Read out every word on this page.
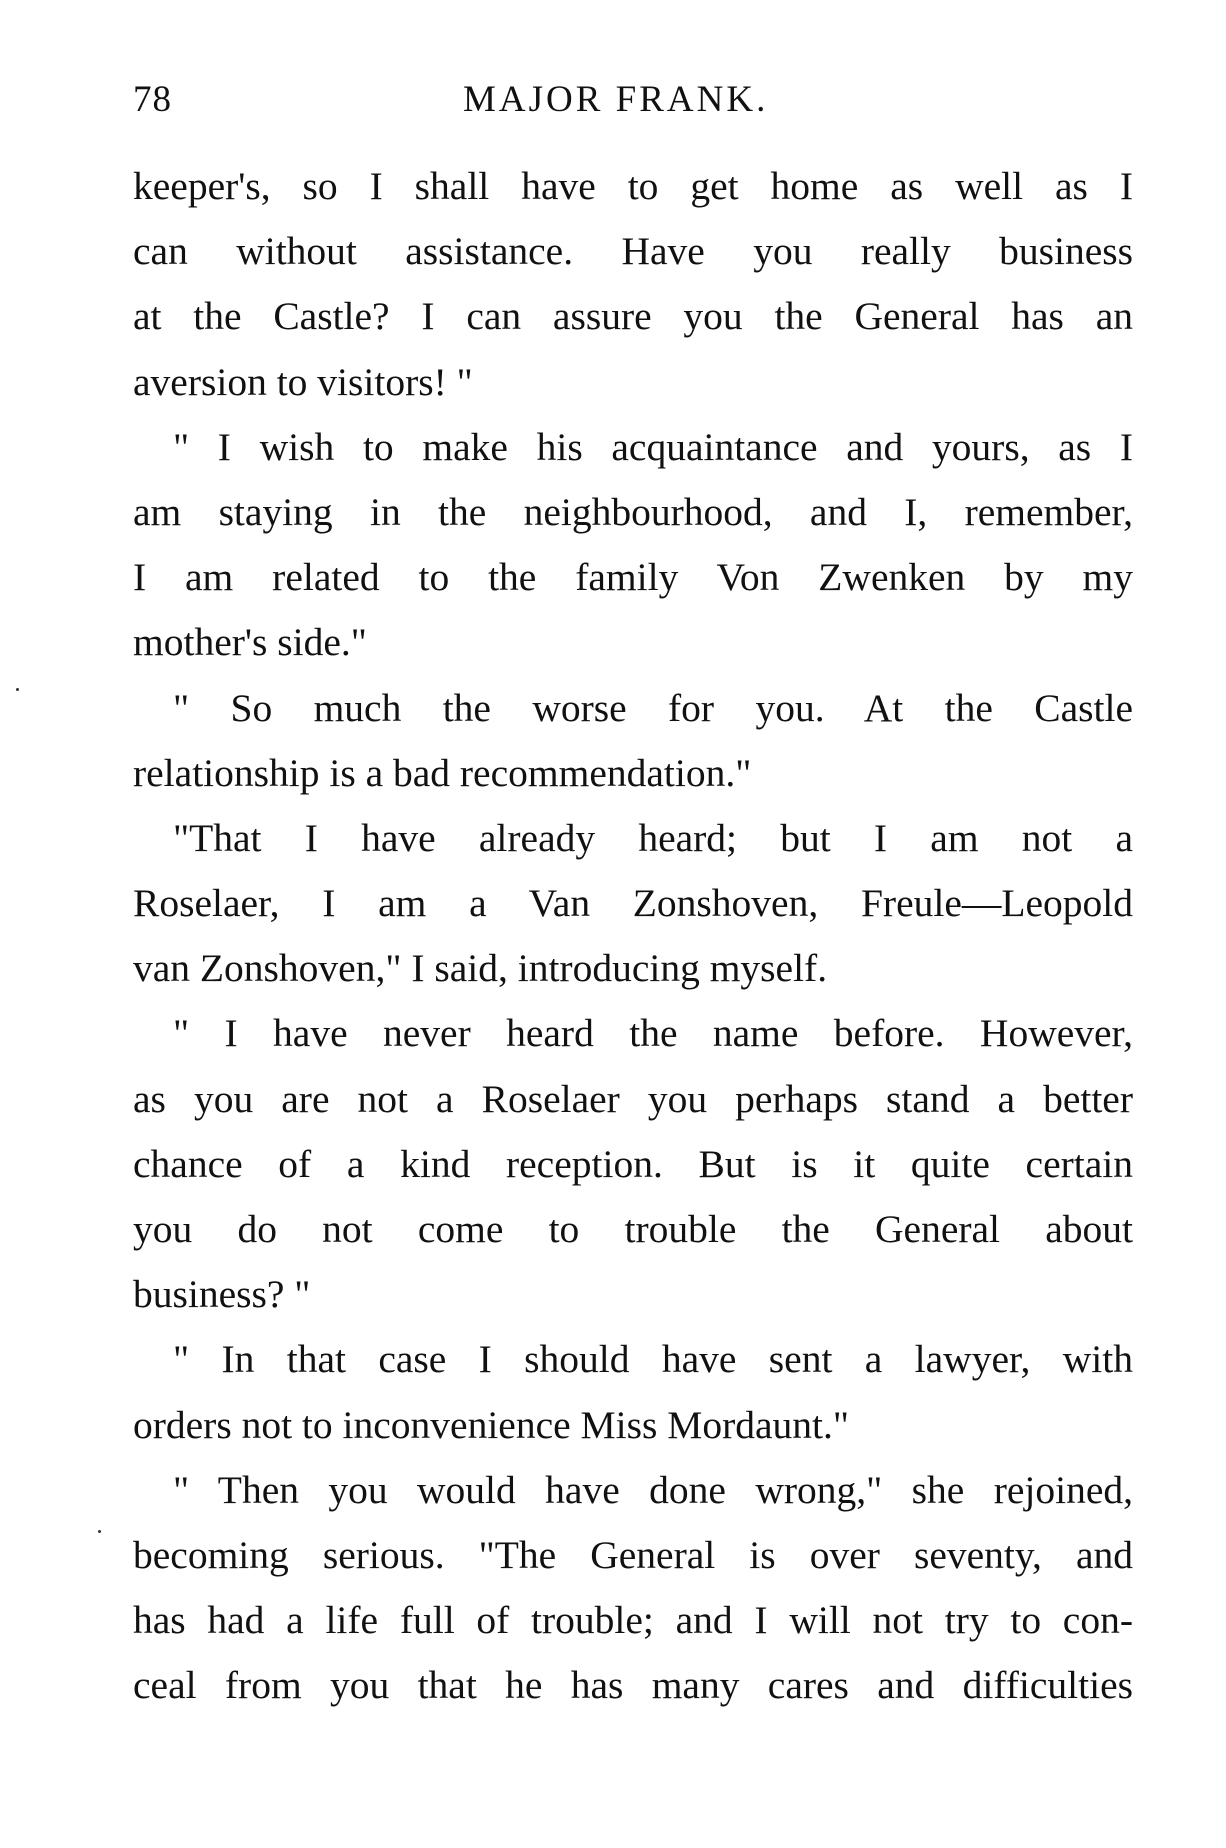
78	MAJOR FRANK.
keeper's, so I shall have to get home as well as I
can without assistance. Have you really business
at the Castle? I can assure you the General has an
aversion to visitors! "
" I wish to make his acquaintance and yours, as I
am staying in the neighbourhood, and I, remember,
I am related to the family Von Zwenken by my
mother's side."
" So much the worse for you. At the Castle
relationship is a bad recommendation."
"That I have already heard; but I am not a
Roselaer, I am a Van Zonshoven, Freule—Leopold
van Zonshoven," I said, introducing myself.
" I have never heard the name before. However,
as you are not a Roselaer you perhaps stand a better
chance of a kind reception. But is it quite certain
you do not come to trouble the General about
business? "
" In that case I should have sent a lawyer, with
orders not to inconvenience Miss Mordaunt."
" Then you would have done wrong," she rejoined,
becoming serious. "The General is over seventy, and
has had a life full of trouble; and I will not try to con-
ceal from you that he has many cares and difficulties
